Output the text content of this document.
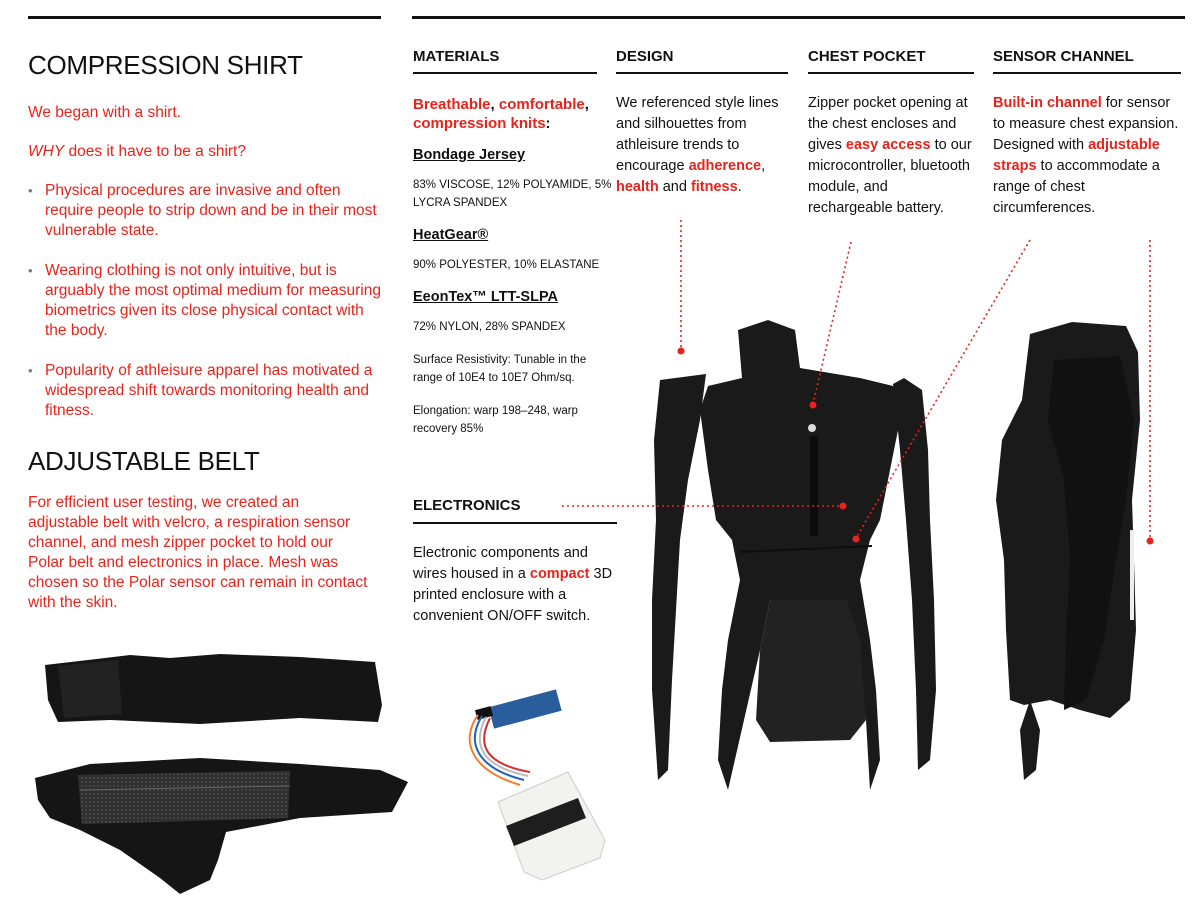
COMPRESSION SHIRT
We began with a shirt.
WHY does it have to be a shirt?
• Physical procedures are invasive and often require people to strip down and be in their most vulnerable state.
• Wearing clothing is not only intuitive, but is arguably the most optimal medium for measuring biometrics given its close physical contact with the body.
• Popularity of athleisure apparel has motivated a widespread shift towards monitoring health and fitness.
ADJUSTABLE BELT
For efficient user testing, we created an adjustable belt with velcro, a respiration sensor channel, and mesh zipper pocket to hold our Polar belt and electronics in place. Mesh was chosen so the Polar sensor can remain in contact with the skin.
MATERIALS
Breathable, comfortable, compression knits:
Bondage Jersey
83% VISCOSE, 12% POLYAMIDE, 5% LYCRA SPANDEX
HeatGear®
90% POLYESTER, 10% ELASTANE
EeonTex™ LTT-SLPA
72% NYLON, 28% SPANDEX
Surface Resistivity: Tunable in the range of 10E4 to 10E7 Ohm/sq.
Elongation: warp 198–248, warp recovery 85%
ELECTRONICS
Electronic components and wires housed in a compact 3D printed enclosure with a convenient ON/OFF switch.
DESIGN
We referenced style lines and silhouettes from athleisure trends to encourage adherence, health and fitness.
CHEST POCKET
Zipper pocket opening at the chest encloses and gives easy access to our microcontroller, bluetooth module, and rechargeable battery.
SENSOR CHANNEL
Built-in channel for sensor to measure chest expansion. Designed with adjustable straps to accommodate a range of chest circumferences.
